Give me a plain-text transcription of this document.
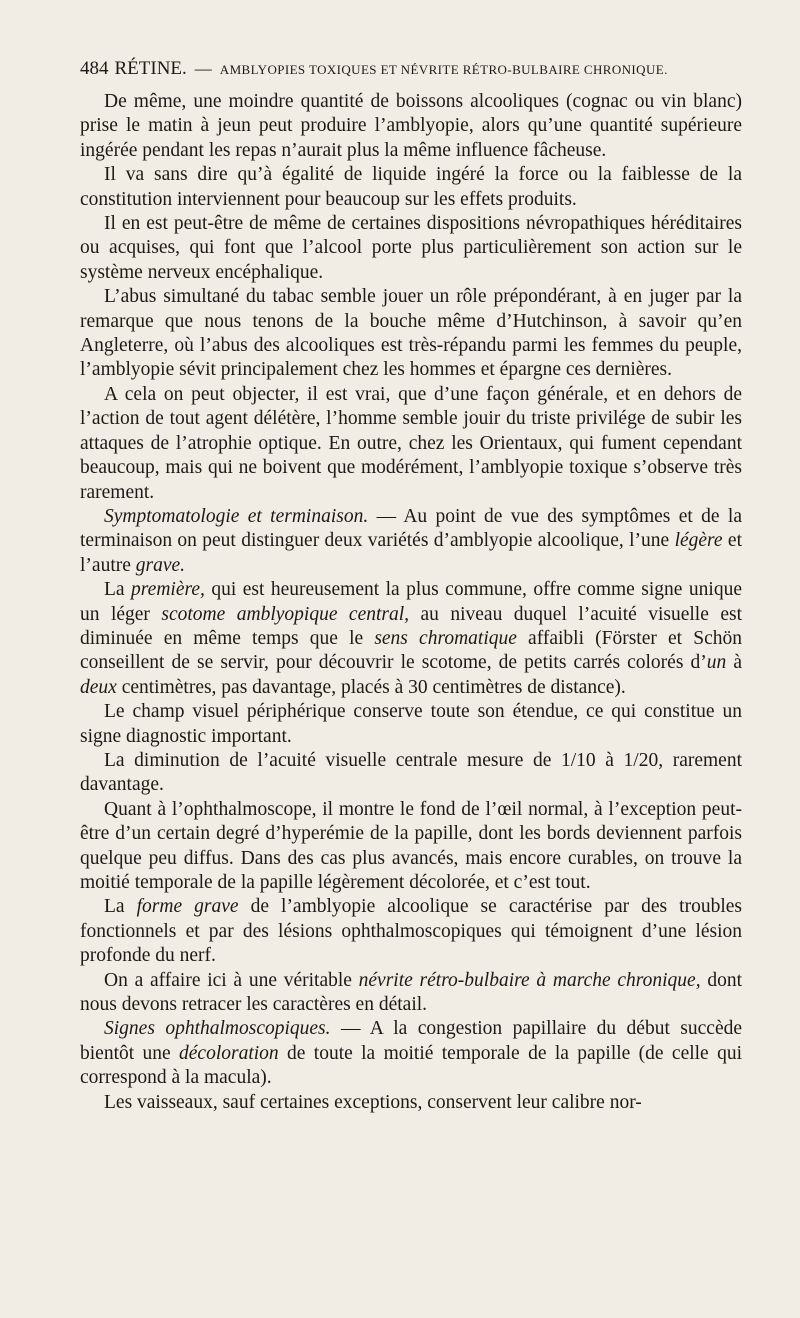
484 RÉTINE. — AMBLYOPIES TOXIQUES ET NÉVRITE RÉTRO-BULBAIRE CHRONIQUE.

De même, une moindre quantité de boissons alcooliques (cognac ou vin blanc) prise le matin à jeun peut produire l’amblyopie, alors qu’une quantité supérieure ingérée pendant les repas n’aurait plus la même influence fâcheuse.

Il va sans dire qu’à égalité de liquide ingéré la force ou la faiblesse de la constitution interviennent pour beaucoup sur les effets produits.

Il en est peut-être de même de certaines dispositions névropathiques héréditaires ou acquises, qui font que l’alcool porte plus particulièrement son action sur le système nerveux encéphalique.

L’abus simultané du tabac semble jouer un rôle prépondérant, à en juger par la remarque que nous tenons de la bouche même d’Hutchinson, à savoir qu’en Angleterre, où l’abus des alcooliques est très-répandu parmi les femmes du peuple, l’amblyopie sévit principalement chez les hommes et épargne ces dernières.

A cela on peut objecter, il est vrai, que d’une façon générale, et en dehors de l’action de tout agent délétère, l’homme semble jouir du triste privilége de subir les attaques de l’atrophie optique. En outre, chez les Orientaux, qui fument cependant beaucoup, mais qui ne boivent que modérément, l’amblyopie toxique s’observe très rarement.

Symptomatologie et terminaison. — Au point de vue des symptômes et de la terminaison on peut distinguer deux variétés d’amblyopie alcoolique, l’une légère et l’autre grave.

La première, qui est heureusement la plus commune, offre comme signe unique un léger scotome amblyopique central, au niveau duquel l’acuité visuelle est diminuée en même temps que le sens chromatique affaibli (Förster et Schön conseillent de se servir, pour découvrir le scotome, de petits carrés colorés d’un à deux centimètres, pas davantage, placés à 30 centimètres de distance).

Le champ visuel périphérique conserve toute son étendue, ce qui constitue un signe diagnostic important.

La diminution de l’acuité visuelle centrale mesure de 1/10 à 1/20, rarement davantage.

Quant à l’ophthalmoscope, il montre le fond de l’œil normal, à l’exception peut-être d’un certain degré d’hyperémie de la papille, dont les bords deviennent parfois quelque peu diffus. Dans des cas plus avancés, mais encore curables, on trouve la moitié temporale de la papille légèrement décolorée, et c’est tout.

La forme grave de l’amblyopie alcoolique se caractérise par des troubles fonctionnels et par des lésions ophthalmoscopiques qui témoignent d’une lésion profonde du nerf.

On a affaire ici à une véritable névrite rétro-bulbaire à marche chronique, dont nous devons retracer les caractères en détail.

Signes ophthalmoscopiques. — A la congestion papillaire du début succède bientôt une décoloration de toute la moitié temporale de la papille (de celle qui correspond à la macula).

Les vaisseaux, sauf certaines exceptions, conservent leur calibre nor-
